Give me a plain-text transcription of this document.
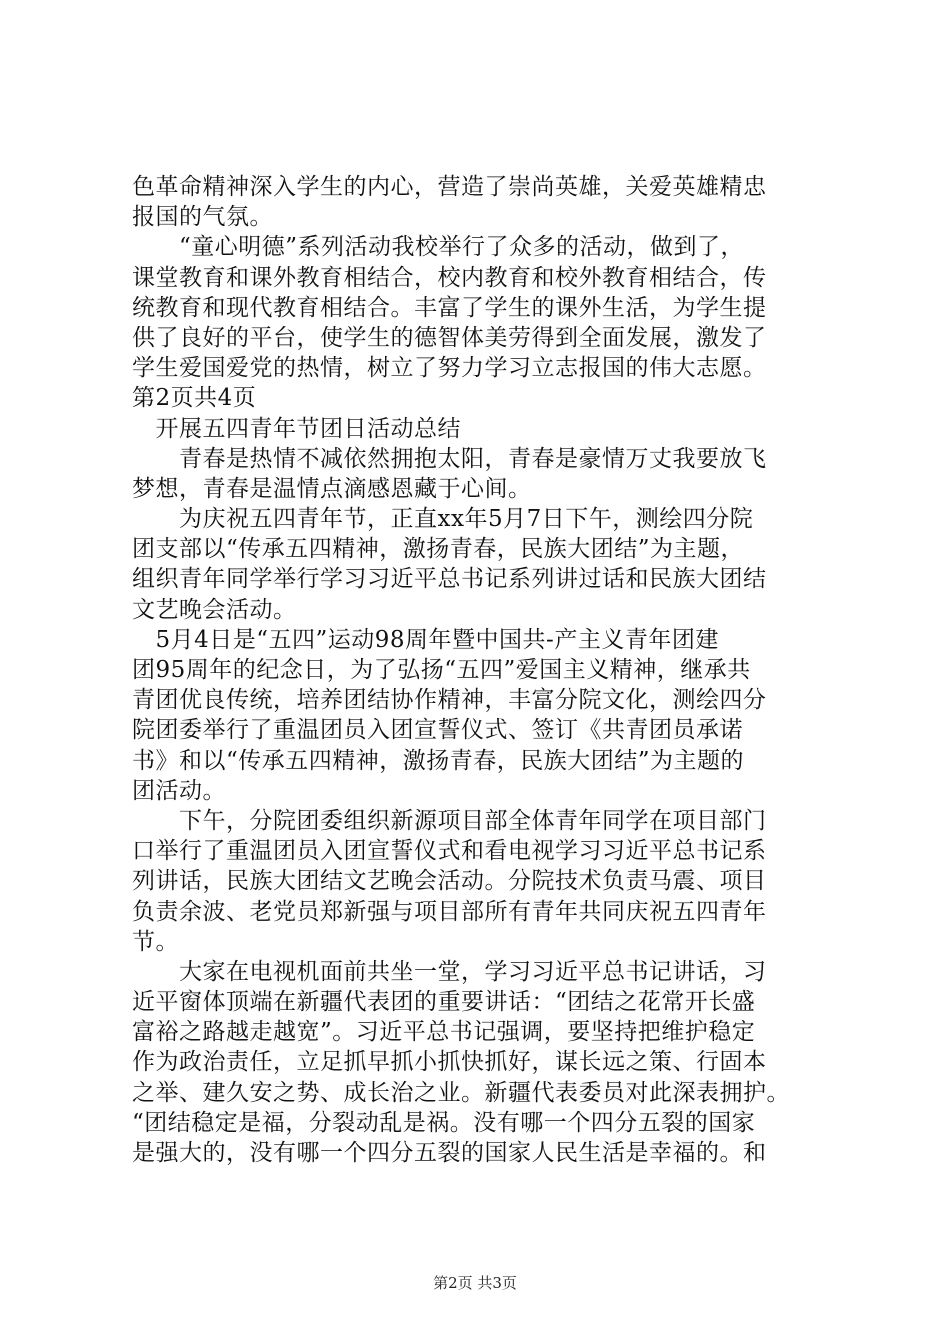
色革命精神深入学生的内心，营造了崇尚英雄，关爱英雄精忠
报国的气氛。
　　“童心明德”系列活动我校举行了众多的活动，做到了，
课堂教育和课外教育相结合，校内教育和校外教育相结合，传
统教育和现代教育相结合。丰富了学生的课外生活，为学生提
供了良好的平台，使学生的德智体美劳得到全面发展，激发了
学生爱国爱党的热情，树立了努力学习立志报国的伟大志愿。
第2页共4页
　开展五四青年节团日活动总结
　　青春是热情不减依然拥抱太阳，青春是豪情万丈我要放飞
梦想，青春是温情点滴感恩藏于心间。
　　为庆祝五四青年节，正直xx年5月7日下午，测绘四分院
团支部以“传承五四精神，激扬青春，民族大团结”为主题，
组织青年同学举行学习习近平总书记系列讲过话和民族大团结
文艺晚会活动。
　5月4日是“五四”运动98周年暨中国共-产主义青年团建
团95周年的纪念日，为了弘扬“五四”爱国主义精神，继承共
青团优良传统，培养团结协作精神，丰富分院文化，测绘四分
院团委举行了重温团员入团宣誓仪式、签订《共青团员承诺
书》和以“传承五四精神，激扬青春，民族大团结”为主题的
团活动。
　　下午，分院团委组织新源项目部全体青年同学在项目部门
口举行了重温团员入团宣誓仪式和看电视学习习近平总书记系
列讲话，民族大团结文艺晚会活动。分院技术负责马震、项目
负责余波、老党员郑新强与项目部所有青年共同庆祝五四青年
节。
　　大家在电视机面前共坐一堂，学习习近平总书记讲话，习
近平窗体顶端在新疆代表团的重要讲话：“团结之花常开长盛
富裕之路越走越宽”。习近平总书记强调，要坚持把维护稳定
作为政治责任，立足抓早抓小抓快抓好，谋长远之策、行固本
之举、建久安之势、成长治之业。新疆代表委员对此深表拥护。
“团结稳定是福，分裂动乱是祸。没有哪一个四分五裂的国家
是强大的，没有哪一个四分五裂的国家人民生活是幸福的。和
第2页 共3页
